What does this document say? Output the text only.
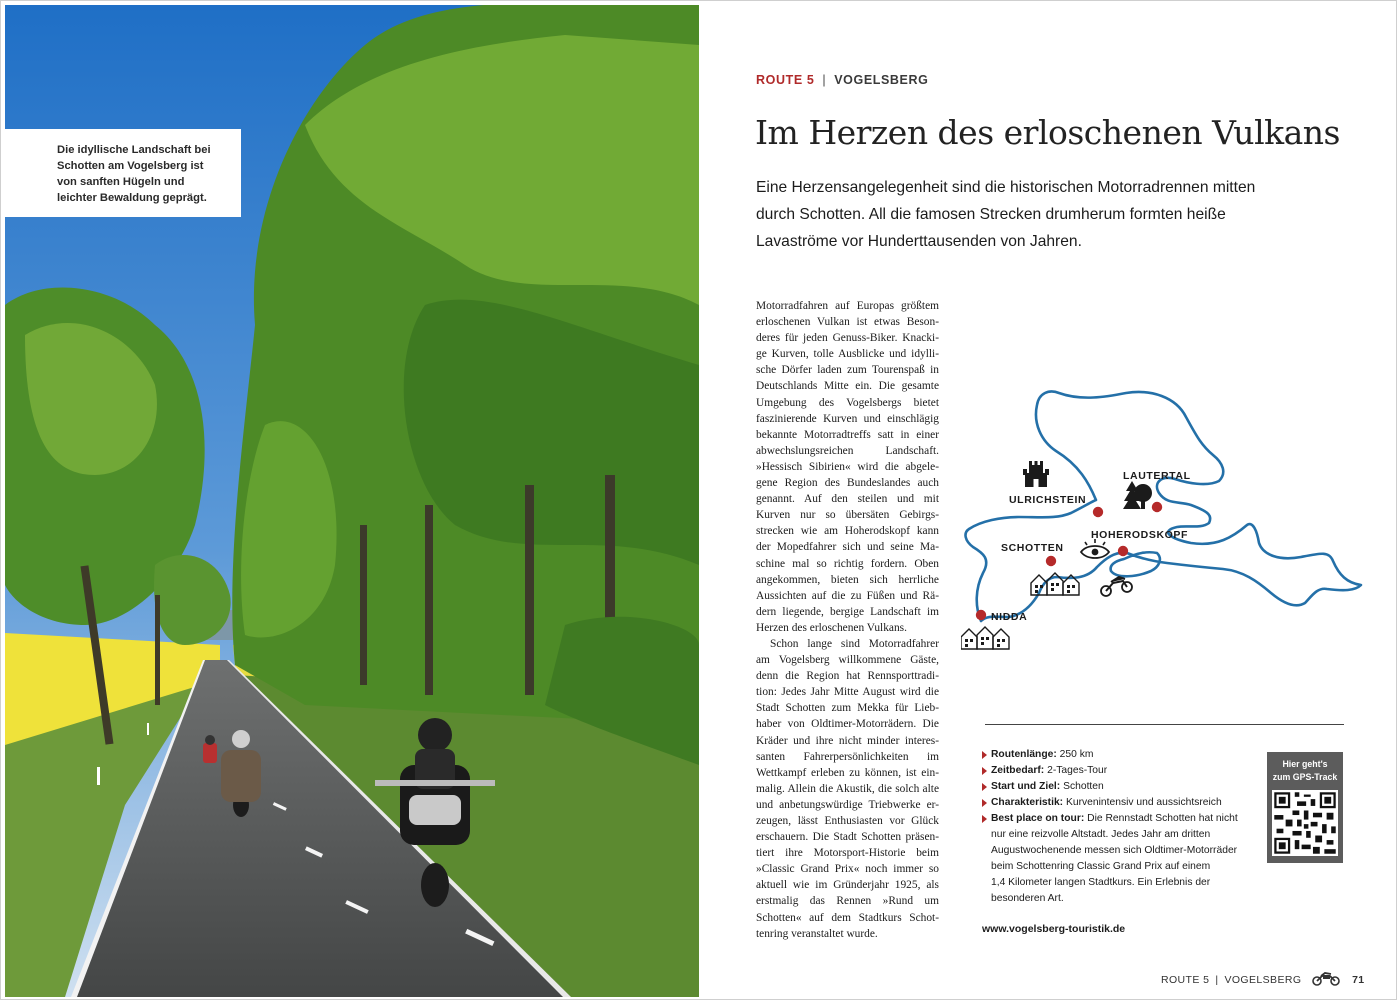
Die idyllische Landschaft bei

Schotten am Vogelsberg ist

von sanften Hügeln und

leichter Bewaldung geprägt.

ROUTE 5 | VOGELSBERG
Im Herzen des erloschenen Vulkans

Eine Herzensangelegenheit sind die historischen Motorradrennen mitten
durch Schotten. All die famosen Strecken drumherum formten heiße
Lavaströme vor Hunderttausenden von Jahren.

Motorradfahren auf Europas größtem
erloschenen Vulkan ist etwas Beson-
deres für jeden Genuss-Biker. Knacki-
ge Kurven, tolle Ausblicke und idylli-
sche Dörfer laden zum Tourenspaß in
Deutschlands Mitte ein. Die gesamte
Umgebung des Vogelsbergs bietet
faszinierende Kurven und einschlägig
bekannte Motorradtreffs satt in einer
abwechslungsreichen Landschaft.
»Hessisch Sibirien« wird die abgele-
gene Region des Bundeslandes auch
genannt. Auf den steilen und mit
Kurven nur so übersäten Gebirgs-
strecken wie am Hoherodskopf kann
der Mopedfahrer sich und seine Ma-
schine mal so richtig fordern. Oben
angekommen, bieten sich herrliche
Aussichten auf die zu Füßen und Rä-
dern liegende, bergige Landschaft im
Herzen des erloschenen Vulkans.
Schon lange sind Motorradfahrer
am Vogelsberg willkommene Gäste,
denn die Region hat Rennsporttradi-
tion: Jedes Jahr Mitte August wird die
Stadt Schotten zum Mekka für Lieb-
haber von Oldtimer-Motorrädern. Die
Kräder und ihre nicht minder interes-
santen Fahrerpersönlichkeiten im
Wettkampf erleben zu können, ist ein-
malig. Allein die Akustik, die solch alte
und anbetungswürdige Triebwerke er-
zeugen, lässt Enthusiasten vor Glück
erschauern. Die Stadt Schotten präsen-
tiert ihre Motorsport-Historie beim
»Classic Grand Prix« noch immer so
aktuell wie im Gründerjahr 1925, als
erstmalig das Rennen »Rund um
Schotten« auf dem Stadtkurs Schot-
tenring veranstaltet wurde.
LAUTERTAL
ULRICHSTEIN
HOHERODSKOPF
SCHOTTEN
NIDDA
Routenlänge: 250 km
Zeitbedarf: 2-Tages-Tour
Start und Ziel: Schotten
Charakteristik: Kurvenintensiv und aussichtsreich
Best place on tour: Die Rennstadt Schotten hat nicht
nur eine reizvolle Altstadt. Jedes Jahr am dritten
Augustwochenende messen sich Oldtimer-Motorräder
beim Schottenring Classic Grand Prix auf einem
1,4 Kilometer langen Stadtkurs. Ein Erlebnis der
besonderen Art.
www.vogelsberg-touristik.de
Hier geht's
zum GPS-Track
ROUTE 5 | VOGELSBERG	71
